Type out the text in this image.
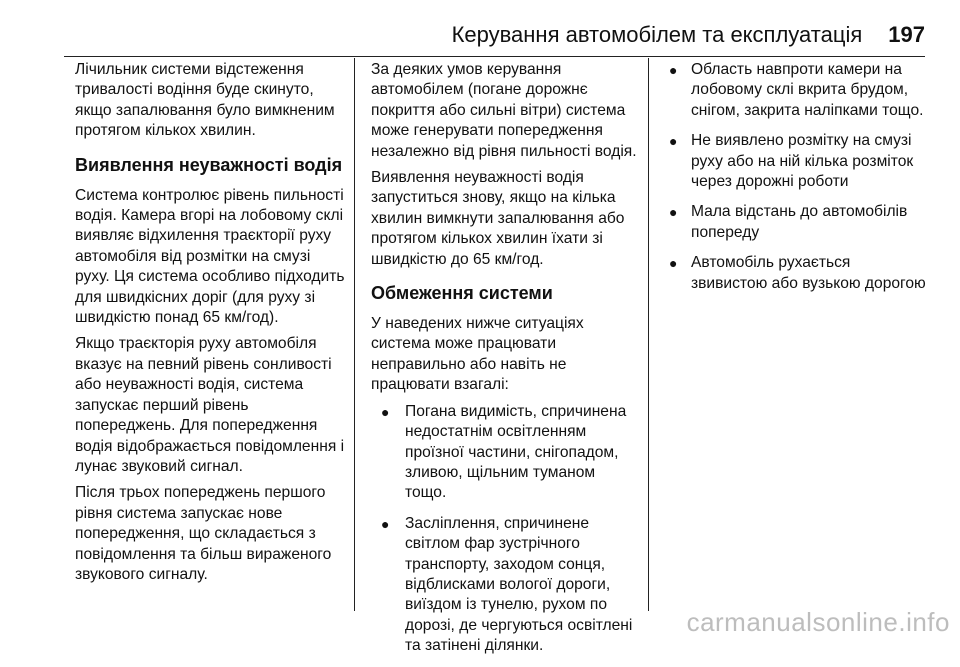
Керування автомобілем та експлуатація 197

Лічильник системи відстеження тривалості водіння буде скинуто, якщо запалювання було вимкненим протягом кількох хвилин.

Виявлення неуважності водія

Система контролює рівень пильності водія. Камера вгорі на лобовому склі виявляє відхилення траєкторії руху автомобіля від розмітки на смузі руху. Ця система особливо підходить для швидкісних доріг (для руху зі швидкістю понад 65 км/год).

Якщо траєкторія руху автомобіля вказує на певний рівень сонливості або неуважності водія, система запускає перший рівень попереджень. Для попередження водія відображається повідомлення і лунає звуковий сигнал.

Після трьох попереджень першого рівня система запускає нове попередження, що складається з повідомлення та більш вираженого звукового сигналу.

За деяких умов керування автомобілем (погане дорожнє покриття або сильні вітри) система може генерувати попередження незалежно від рівня пильності водія.

Виявлення неуважності водія запуститься знову, якщо на кілька хвилин вимкнути запалювання або протягом кількох хвилин їхати зі швидкістю до 65 км/год.

Обмеження системи

У наведених нижче ситуаціях система може працювати неправильно або навіть не працювати взагалі:

● Погана видимість, спричинена недостатнім освітленням проїзної частини, снігопадом, зливою, щільним туманом тощо.
● Засліплення, спричинене світлом фар зустрічного транспорту, заходом сонця, відблисками вологої дороги, виїздом із тунелю, рухом по дорозі, де чергуються освітлені та затінені ділянки.
● Область навпроти камери на лобовому склі вкрита брудом, снігом, закрита наліпками тощо.
● Не виявлено розмітку на смузі руху або на ній кілька розміток через дорожні роботи
● Мала відстань до автомобілів попереду
● Автомобіль рухається звивистою або вузькою дорогою
carmanualsonline.info
